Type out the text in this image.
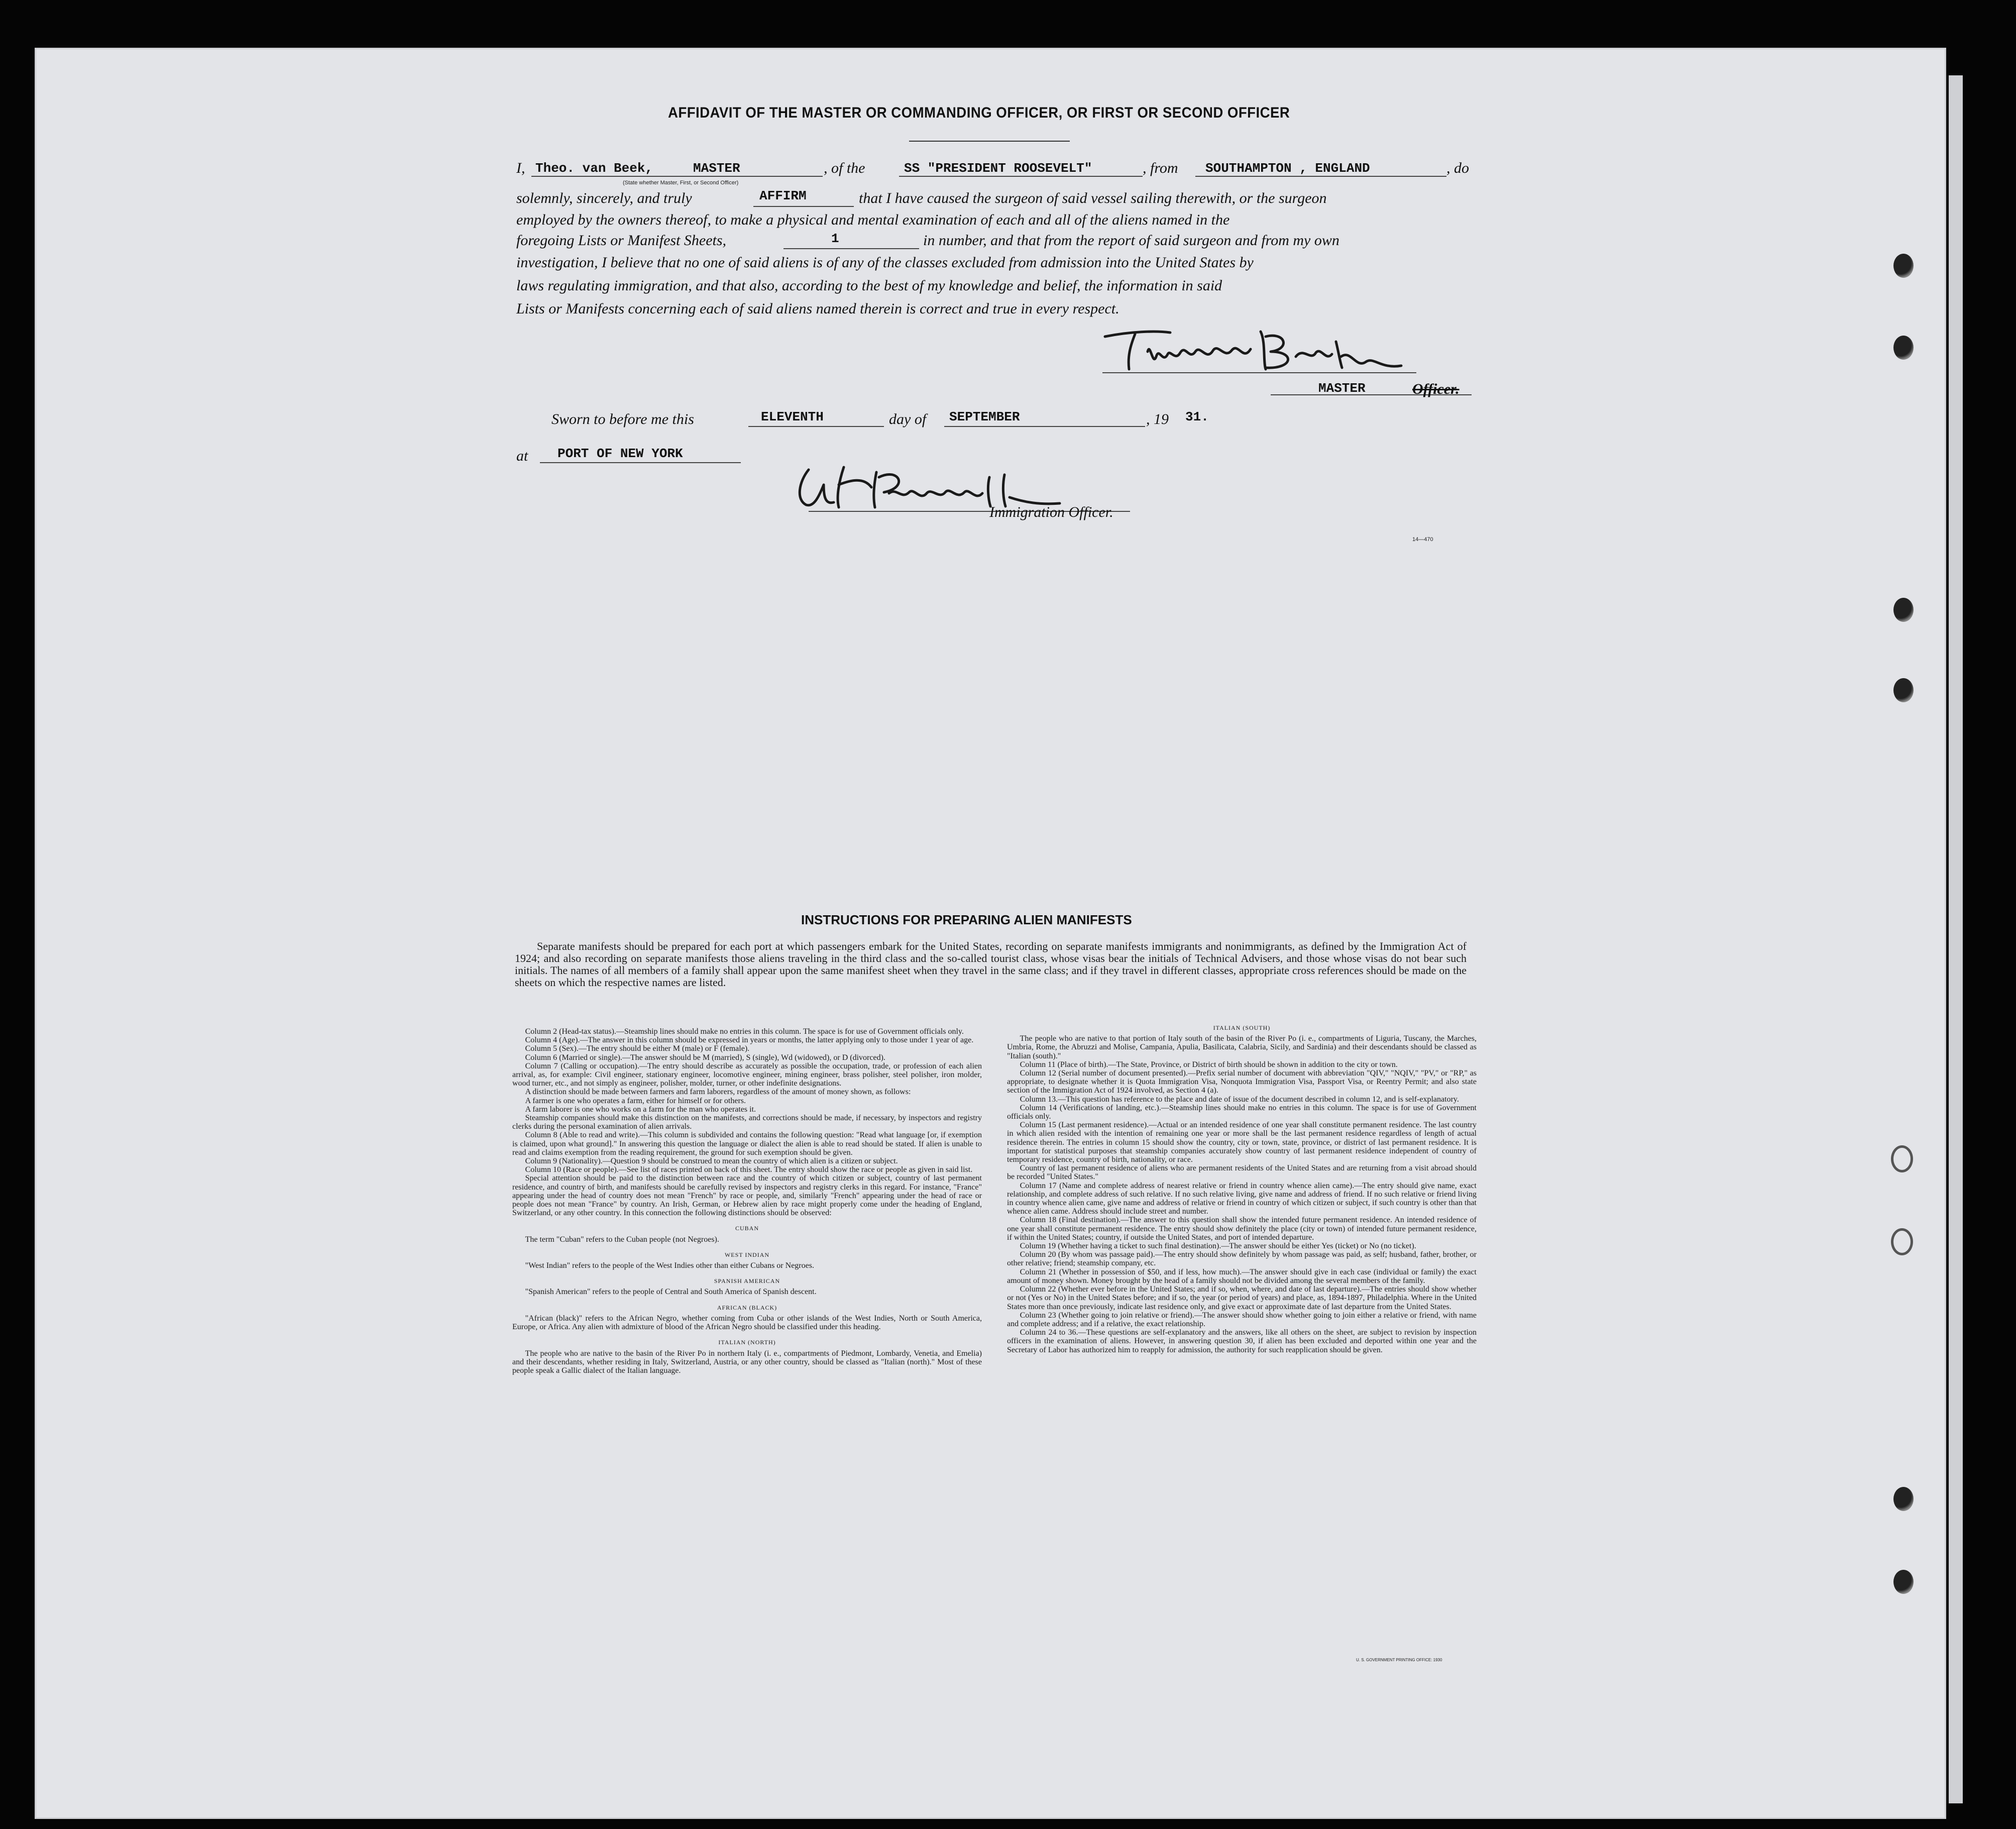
AFFIDAVIT OF THE MASTER OR COMMANDING OFFICER, OR FIRST OR SECOND OFFICER
I, Theo. van Beek,	MASTER	, of the	SS "PRESIDENT ROOSEVELT"	, from SOUTHAMPTON , ENGLAND	, do
(State whether Master, First, or Second Officer)
solemnly, sincerely, and truly	AFFIRM	that I have caused the surgeon of said vessel sailing therewith, or the surgeon
employed by the owners thereof, to make a physical and mental examination of each and all of the aliens named in the
foregoing Lists or Manifest Sheets,	1	in number, and that from the report of said surgeon and from my own
investigation, I believe that no one of said aliens is of any of the classes excluded from admission into the United States by
laws regulating immigration, and that also, according to the best of my knowledge and belief, the information in said
Lists or Manifests concerning each of said aliens named therein is correct and true in every respect.
MASTER	Officer.
Sworn to before me this	ELEVENTH	day of SEPTEMBER	, 19 31.
at PORT OF NEW YORK
Immigration Officer.
14—470
INSTRUCTIONS FOR PREPARING ALIEN MANIFESTS
Separate manifests should be prepared for each port at which passengers embark for the United States, recording on separate manifests immigrants and nonimmigrants, as defined by the Immigration Act of 1924; and also recording on separate manifests those aliens traveling in the third class and the so-called tourist class, whose visas bear the initials of Technical Advisers, and those whose visas do not bear such initials. The names of all members of a family shall appear upon the same manifest sheet when they travel in the same class; and if they travel in different classes, appropriate cross references should be made on the sheets on which the respective names are listed.

Column 2 (Head-tax status).—Steamship lines should make no entries in this column. The space is for use of Government officials only.

Column 4 (Age).—The answer in this column should be expressed in years or months, the latter applying only to those under 1 year of age.

Column 5 (Sex).—The entry should be either M (male) or F (female).

Column 6 (Married or single).—The answer should be M (married), S (single), Wd (widowed), or D (divorced).

Column 7 (Calling or occupation).—The entry should describe as accurately as possible the occupation, trade, or profession of each alien arrival, as, for example: Civil engineer, stationary engineer, locomotive engineer, mining engineer, brass polisher, steel polisher, iron molder, wood turner, etc., and not simply as engineer, polisher, molder, turner, or other indefinite designations.

A distinction should be made between farmers and farm laborers, regardless of the amount of money shown, as follows:

A farmer is one who operates a farm, either for himself or for others.

A farm laborer is one who works on a farm for the man who operates it.

Steamship companies should make this distinction on the manifests, and corrections should be made, if necessary, by inspectors and registry clerks during the personal examination of alien arrivals.

Column 8 (Able to read and write).—This column is subdivided and contains the following question: "Read what language [or, if exemption is claimed, upon what ground]." In answering this question the language or dialect the alien is able to read should be stated. If alien is unable to read and claims exemption from the reading requirement, the ground for such exemption should be given.

Column 9 (Nationality).—Question 9 should be construed to mean the country of which alien is a citizen or subject.

Column 10 (Race or people).—See list of races printed on back of this sheet. The entry should show the race or people as given in said list.

Special attention should be paid to the distinction between race and the country of which citizen or subject, country of last permanent residence, and country of birth, and manifests should be carefully revised by inspectors and registry clerks in this regard. For instance, "France" appearing under the head of country does not mean "French" by race or people, and, similarly "French" appearing under the head of race or people does not mean "France" by country. An Irish, German, or Hebrew alien by race might properly come under the heading of England, Switzerland, or any other country. In this connection the following distinctions should be observed:

CUBAN

The term "Cuban" refers to the Cuban people (not Negroes).

WEST INDIAN

"West Indian" refers to the people of the West Indies other than either Cubans or Negroes.

SPANISH AMERICAN

"Spanish American" refers to the people of Central and South America of Spanish descent.

AFRICAN (BLACK)

"African (black)" refers to the African Negro, whether coming from Cuba or other islands of the West Indies, North or South America, Europe, or Africa. Any alien with admixture of blood of the African Negro should be classified under this heading.

ITALIAN (NORTH)

The people who are native to the basin of the River Po in northern Italy (i. e., compartments of Piedmont, Lombardy, Venetia, and Emelia) and their descendants, whether residing in Italy, Switzerland, Austria, or any other country, should be classed as "Italian (north)." Most of these people speak a Gallic dialect of the Italian language.

ITALIAN (SOUTH)

The people who are native to that portion of Italy south of the basin of the River Po (i. e., compartments of Liguria, Tuscany, the Marches, Umbria, Rome, the Abruzzi and Molise, Campania, Apulia, Basilicata, Calabria, Sicily, and Sardinia) and their descendants should be classed as "Italian (south)."

Column 11 (Place of birth).—The State, Province, or District of birth should be shown in addition to the city or town.

Column 12 (Serial number of document presented).—Prefix serial number of document with abbreviation "QIV," "NQIV," "PV," or "RP," as appropriate, to designate whether it is Quota Immigration Visa, Nonquota Immigration Visa, Passport Visa, or Reentry Permit; and also state section of the Immigration Act of 1924 involved, as Section 4 (a).

Column 13.—This question has reference to the place and date of issue of the document described in column 12, and is self-explanatory.

Column 14 (Verifications of landing, etc.).—Steamship lines should make no entries in this column. The space is for use of Government officials only.

Column 15 (Last permanent residence).—Actual or an intended residence of one year shall constitute permanent residence. The last country in which alien resided with the intention of remaining one year or more shall be the last permanent residence regardless of length of actual residence therein. The entries in column 15 should show the country, city or town, state, province, or district of last permanent residence. It is important for statistical purposes that steamship companies accurately show country of last permanent residence independent of country of temporary residence, country of birth, nationality, or race.

Country of last permanent residence of aliens who are permanent residents of the United States and are returning from a visit abroad should be recorded "United States."

Column 17 (Name and complete address of nearest relative or friend in country whence alien came).—The entry should give name, exact relationship, and complete address of such relative. If no such relative living, give name and address of friend. If no such relative or friend living in country whence alien came, give name and address of relative or friend in country of which citizen or subject, if such country is other than that whence alien came. Address should include street and number.

Column 18 (Final destination).—The answer to this question shall show the intended future permanent residence. An intended residence of one year shall constitute permanent residence. The entry should show definitely the place (city or town) of intended future permanent residence, if within the United States; country, if outside the United States, and port of intended departure.

Column 19 (Whether having a ticket to such final destination).—The answer should be either Yes (ticket) or No (no ticket).

Column 20 (By whom was passage paid).—The entry should show definitely by whom passage was paid, as self; husband, father, brother, or other relative; friend; steamship company, etc.

Column 21 (Whether in possession of $50, and if less, how much).—The answer should give in each case (individual or family) the exact amount of money shown. Money brought by the head of a family should not be divided among the several members of the family.

Column 22 (Whether ever before in the United States; and if so, when, where, and date of last departure).—The entries should show whether or not (Yes or No) in the United States before; and if so, the year (or period of years) and place, as, 1894-1897, Philadelphia. Where in the United States more than once previously, indicate last residence only, and give exact or approximate date of last departure from the United States.

Column 23 (Whether going to join relative or friend).—The answer should show whether going to join either a relative or friend, with name and complete address; and if a relative, the exact relationship.

Column 24 to 36.—These questions are self-explanatory and the answers, like all others on the sheet, are subject to revision by inspection officers in the examination of aliens. However, in answering question 30, if alien has been excluded and deported within one year and the Secretary of Labor has authorized him to reapply for admission, the authority for such reapplication should be given.

U. S. GOVERNMENT PRINTING OFFICE: 1930
